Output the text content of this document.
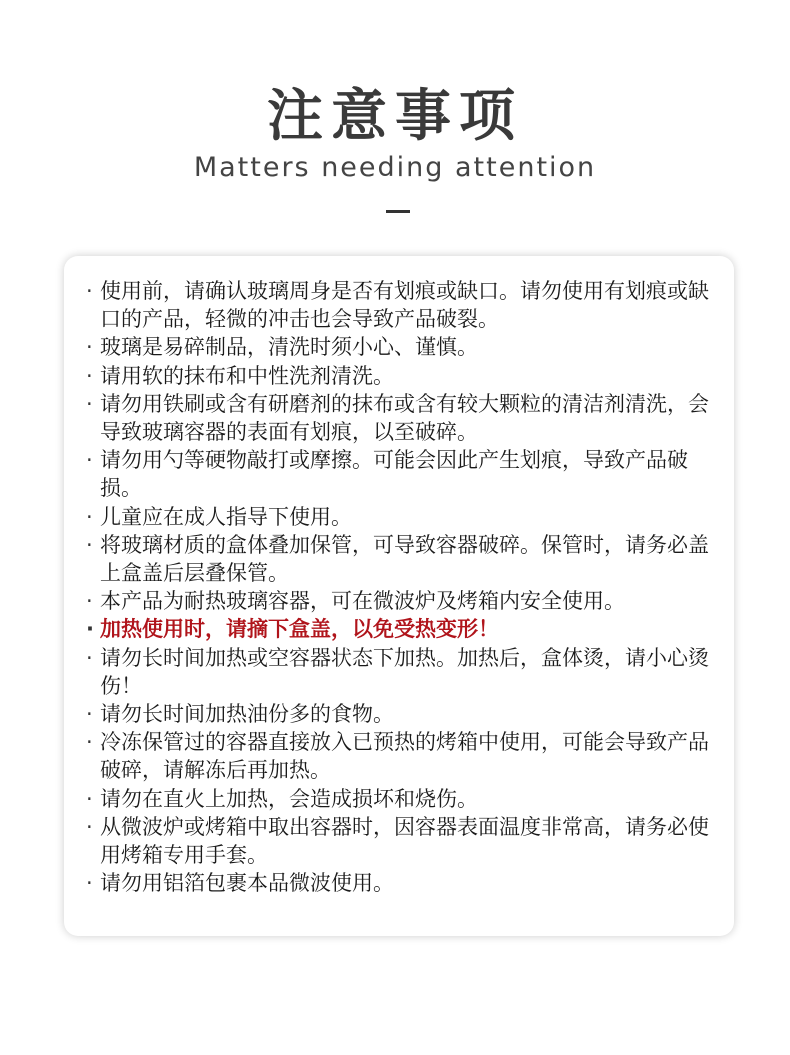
注意事项
Matters needing attention
· 使用前，请确认玻璃周身是否有划痕或缺口。请勿使用有划痕或缺口的产品，轻微的冲击也会导致产品破裂。
· 玻璃是易碎制品，清洗时须小心、谨慎。
· 请用软的抹布和中性洗剂清洗。
· 请勿用铁刷或含有研磨剂的抹布或含有较大颗粒的清洁剂清洗，会导致玻璃容器的表面有划痕，以至破碎。
· 请勿用勺等硬物敲打或摩擦。可能会因此产生划痕，导致产品破损。
· 儿童应在成人指导下使用。
· 将玻璃材质的盒体叠加保管，可导致容器破碎。保管时，请务必盖上盒盖后层叠保管。
· 本产品为耐热玻璃容器，可在微波炉及烤箱内安全使用。
· 加热使用时，请摘下盒盖，以免受热变形！
· 请勿长时间加热或空容器状态下加热。加热后，盒体烫，请小心烫伤！
· 请勿长时间加热油份多的食物。
· 冷冻保管过的容器直接放入已预热的烤箱中使用，可能会导致产品破碎，请解冻后再加热。
· 请勿在直火上加热，会造成损坏和烧伤。
· 从微波炉或烤箱中取出容器时，因容器表面温度非常高，请务必使用烤箱专用手套。
· 请勿用铝箔包裹本品微波使用。
